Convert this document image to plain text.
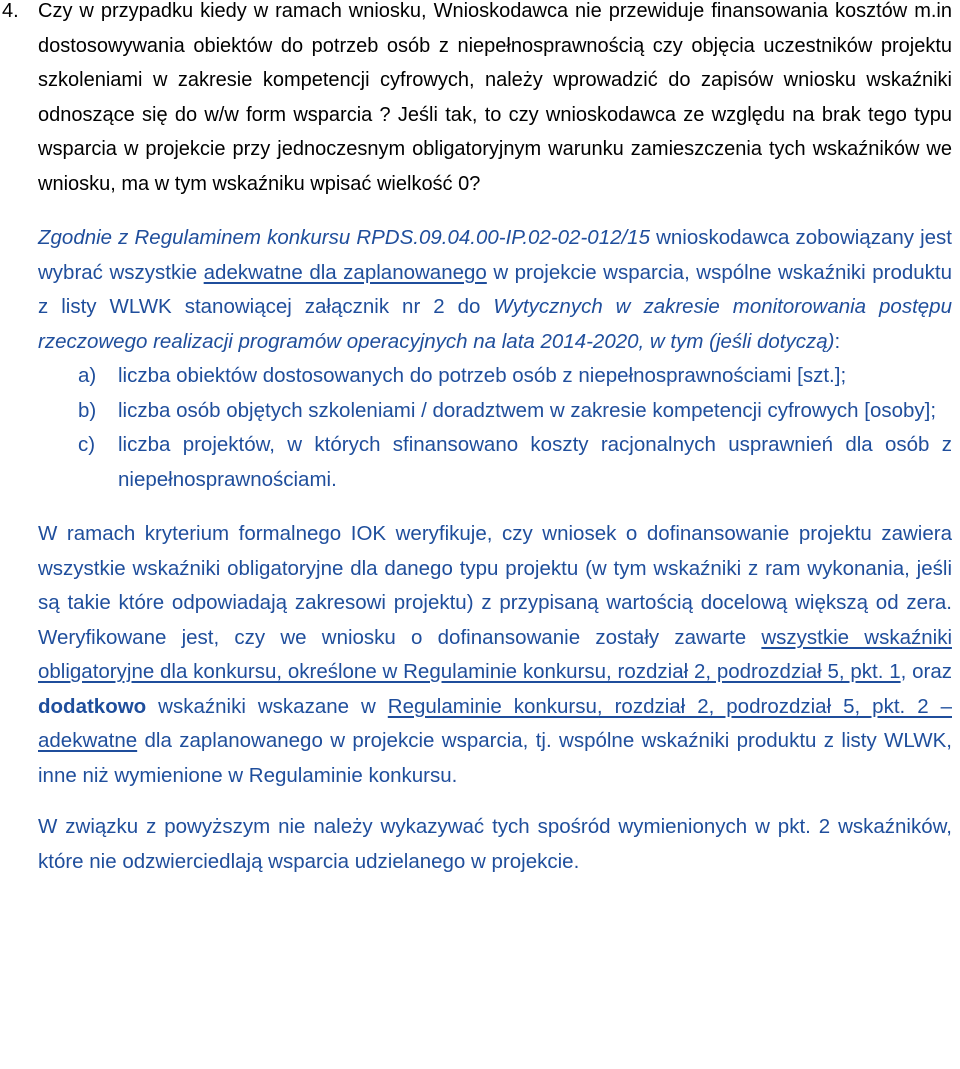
4. Czy w przypadku kiedy w ramach wniosku, Wnioskodawca nie przewiduje finansowania kosztów m.in dostosowywania obiektów do potrzeb osób z niepełnosprawnością czy objęcia uczestników projektu szkoleniami w zakresie kompetencji cyfrowych, należy wprowadzić do zapisów wniosku wskaźniki odnoszące się do w/w form wsparcia ? Jeśli tak, to czy wnioskodawca ze względu na brak tego typu wsparcia w projekcie przy jednoczesnym obligatoryjnym warunku zamieszczenia tych wskaźników we wniosku, ma w tym wskaźniku wpisać wielkość 0?

Zgodnie z Regulaminem konkursu RPDS.09.04.00-IP.02-02-012/15 wnioskodawca zobowiązany jest wybrać wszystkie adekwatne dla zaplanowanego w projekcie wsparcia, wspólne wskaźniki produktu z listy WLWK stanowiącej załącznik nr 2 do Wytycznych w zakresie monitorowania postępu rzeczowego realizacji programów operacyjnych na lata 2014-2020, w tym (jeśli dotyczą):

a) liczba obiektów dostosowanych do potrzeb osób z niepełnosprawnościami [szt.];
b) liczba osób objętych szkoleniami / doradztwem w zakresie kompetencji cyfrowych [osoby];
c) liczba projektów, w których sfinansowano koszty racjonalnych usprawnień dla osób z niepełnosprawnościami.

W ramach kryterium formalnego IOK weryfikuje, czy wniosek o dofinansowanie projektu zawiera wszystkie wskaźniki obligatoryjne dla danego typu projektu (w tym wskaźniki z ram wykonania, jeśli są takie które odpowiadają zakresowi projektu) z przypisaną wartością docelową większą od zera. Weryfikowane jest, czy we wniosku o dofinansowanie zostały zawarte wszystkie wskaźniki obligatoryjne dla konkursu, określone w Regulaminie konkursu, rozdział 2, podrozdział 5, pkt. 1, oraz dodatkowo wskaźniki wskazane w Regulaminie konkursu, rozdział 2, podrozdział 5, pkt. 2 – adekwatne dla zaplanowanego w projekcie wsparcia, tj. wspólne wskaźniki produktu z listy WLWK, inne niż wymienione w Regulaminie konkursu.

W związku z powyższym nie należy wykazywać tych spośród wymienionych w pkt. 2 wskaźników, które nie odzwierciedlają wsparcia udzielanego w projekcie.
